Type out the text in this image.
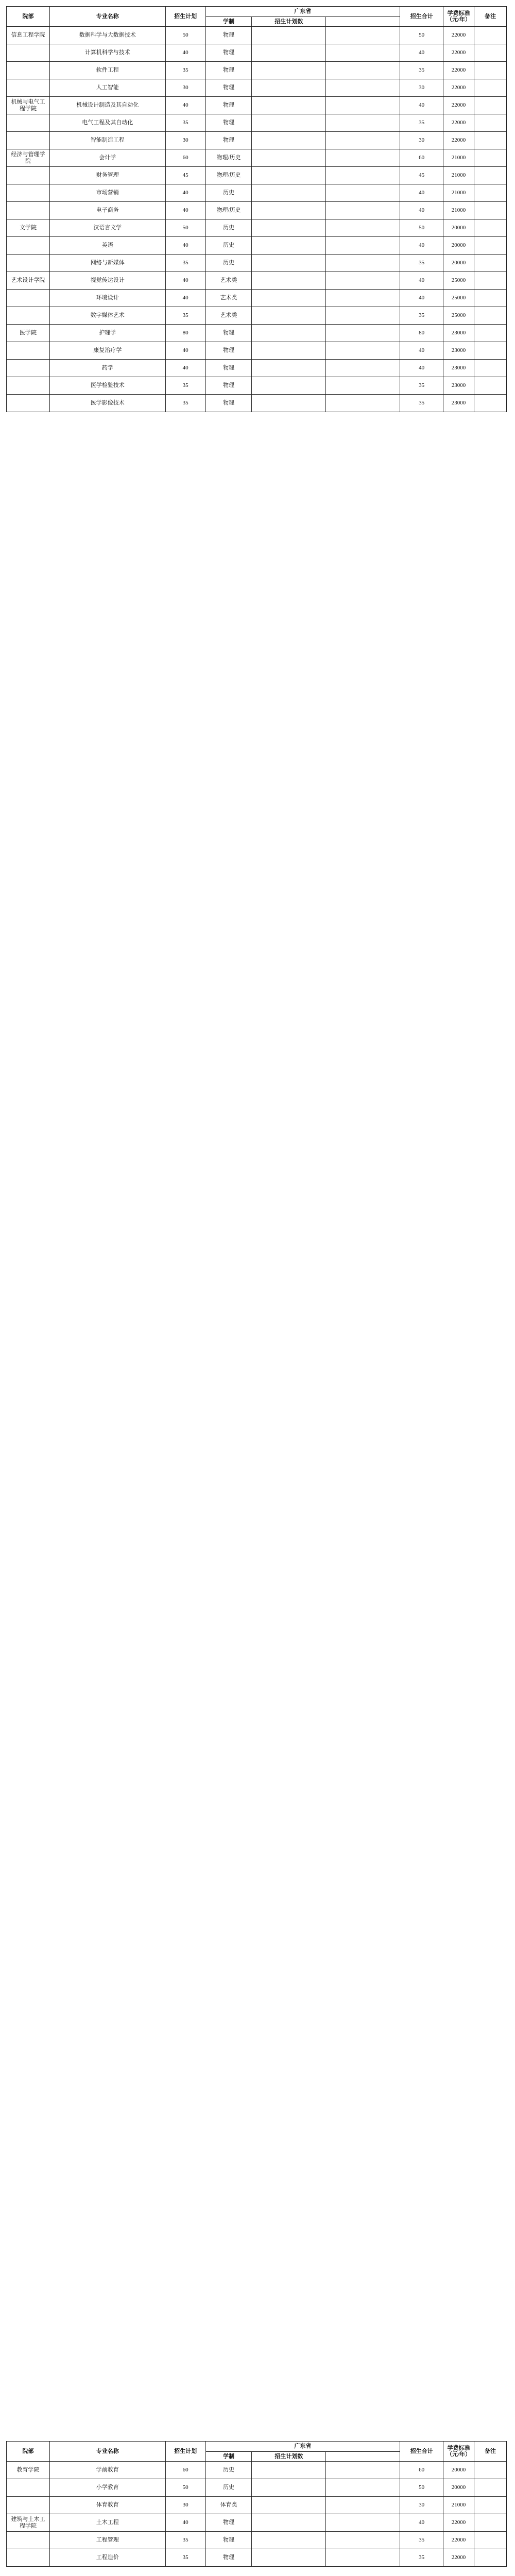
院部	专业名称	招生计划	广东省			招生合计	学费标准（元/年）	备注
			学制	招生计划数				
信息工程学院	数据科学与大数据技术	50	物理			50	22000	
	计算机科学与技术	40	物理			40	22000	
	软件工程	35	物理			35	22000	
	人工智能	30	物理			30	22000	
机械与电气工程学院	机械设计制造及其自动化	40	物理			40	22000	
	电气工程及其自动化	35	物理			35	22000	
	智能制造工程	30	物理			30	22000	
经济与管理学院	会计学	60	物理/历史			60	21000	
	财务管理	45	物理/历史			45	21000	
	市场营销	40	历史			40	21000	
	电子商务	40	物理/历史			40	21000	
文学院	汉语言文学	50	历史			50	20000	
	英语	40	历史			40	20000	
	网络与新媒体	35	历史			35	20000	
艺术设计学院	视觉传达设计	40	艺术类			40	25000	
	环境设计	40	艺术类			40	25000	
	数字媒体艺术	35	艺术类			35	25000	
医学院	护理学	80	物理			80	23000	
	康复治疗学	40	物理			40	23000	
	药学	40	物理			40	23000	
	医学检验技术	35	物理			35	23000	
	医学影像技术	35	物理			35	23000	
院部	专业名称	招生计划	广东省			招生合计	学费标准（元/年）	备注
			学制	招生计划数				
教育学院	学前教育	60	历史			60	20000	
	小学教育	50	历史			50	20000	
	体育教育	30	体育类			30	21000	
建筑与土木工程学院	土木工程	40	物理			40	22000	
	工程管理	35	物理			35	22000	
	工程造价	35	物理			35	22000	
